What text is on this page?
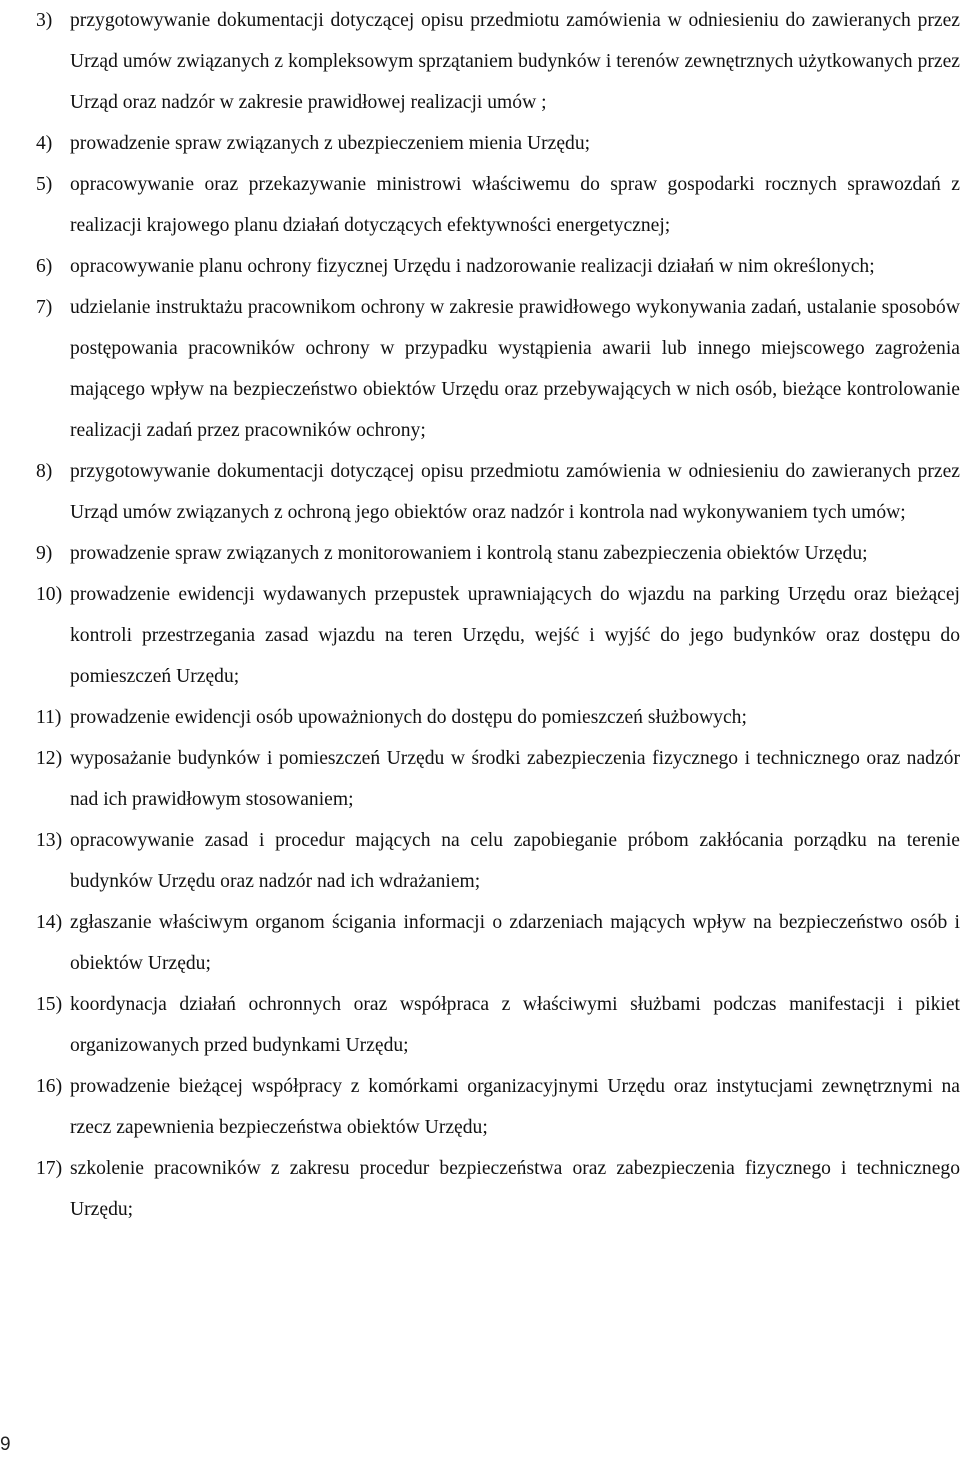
3) przygotowywanie dokumentacji dotyczącej opisu przedmiotu zamówienia w odniesieniu do zawieranych przez Urząd umów związanych z kompleksowym sprzątaniem budynków i terenów zewnętrznych użytkowanych przez Urząd oraz nadzór w zakresie prawidłowej realizacji umów ;
4) prowadzenie spraw związanych z ubezpieczeniem mienia Urzędu;
5) opracowywanie oraz przekazywanie ministrowi właściwemu do spraw gospodarki rocznych sprawozdań z realizacji krajowego planu działań dotyczących efektywności energetycznej;
6) opracowywanie planu ochrony fizycznej Urzędu i nadzorowanie realizacji działań w nim określonych;
7) udzielanie instruktażu pracownikom ochrony w zakresie prawidłowego wykonywania zadań, ustalanie sposobów postępowania pracowników ochrony w przypadku wystąpienia awarii lub innego miejscowego zagrożenia mającego wpływ na bezpieczeństwo obiektów Urzędu oraz przebywających w nich osób, bieżące kontrolowanie realizacji zadań przez pracowników ochrony;
8) przygotowywanie dokumentacji dotyczącej opisu przedmiotu zamówienia w odniesieniu do zawieranych przez Urząd umów związanych z ochroną jego obiektów oraz nadzór i kontrola nad wykonywaniem tych umów;
9) prowadzenie spraw związanych z monitorowaniem i kontrolą stanu zabezpieczenia obiektów Urzędu;
10) prowadzenie ewidencji wydawanych przepustek uprawniających do wjazdu na parking Urzędu oraz bieżącej kontroli przestrzegania zasad wjazdu na teren Urzędu, wejść i wyjść do jego budynków oraz dostępu do pomieszczeń Urzędu;
11) prowadzenie ewidencji osób upoważnionych do dostępu do pomieszczeń służbowych;
12) wyposażanie budynków i pomieszczeń Urzędu w środki zabezpieczenia fizycznego i technicznego oraz nadzór nad ich prawidłowym stosowaniem;
13) opracowywanie zasad i procedur mających na celu zapobieganie próbom zakłócania porządku na terenie budynków Urzędu oraz nadzór nad ich wdrażaniem;
14) zgłaszanie właściwym organom ścigania informacji o zdarzeniach mających wpływ na bezpieczeństwo osób i obiektów Urzędu;
15) koordynacja działań ochronnych oraz współpraca z właściwymi służbami podczas manifestacji i pikiet organizowanych przed budynkami Urzędu;
16) prowadzenie bieżącej współpracy z komórkami organizacyjnymi Urzędu oraz instytucjami zewnętrznymi na rzecz zapewnienia bezpieczeństwa obiektów Urzędu;
17) szkolenie pracowników z zakresu procedur bezpieczeństwa oraz zabezpieczenia fizycznego i technicznego Urzędu;
9
